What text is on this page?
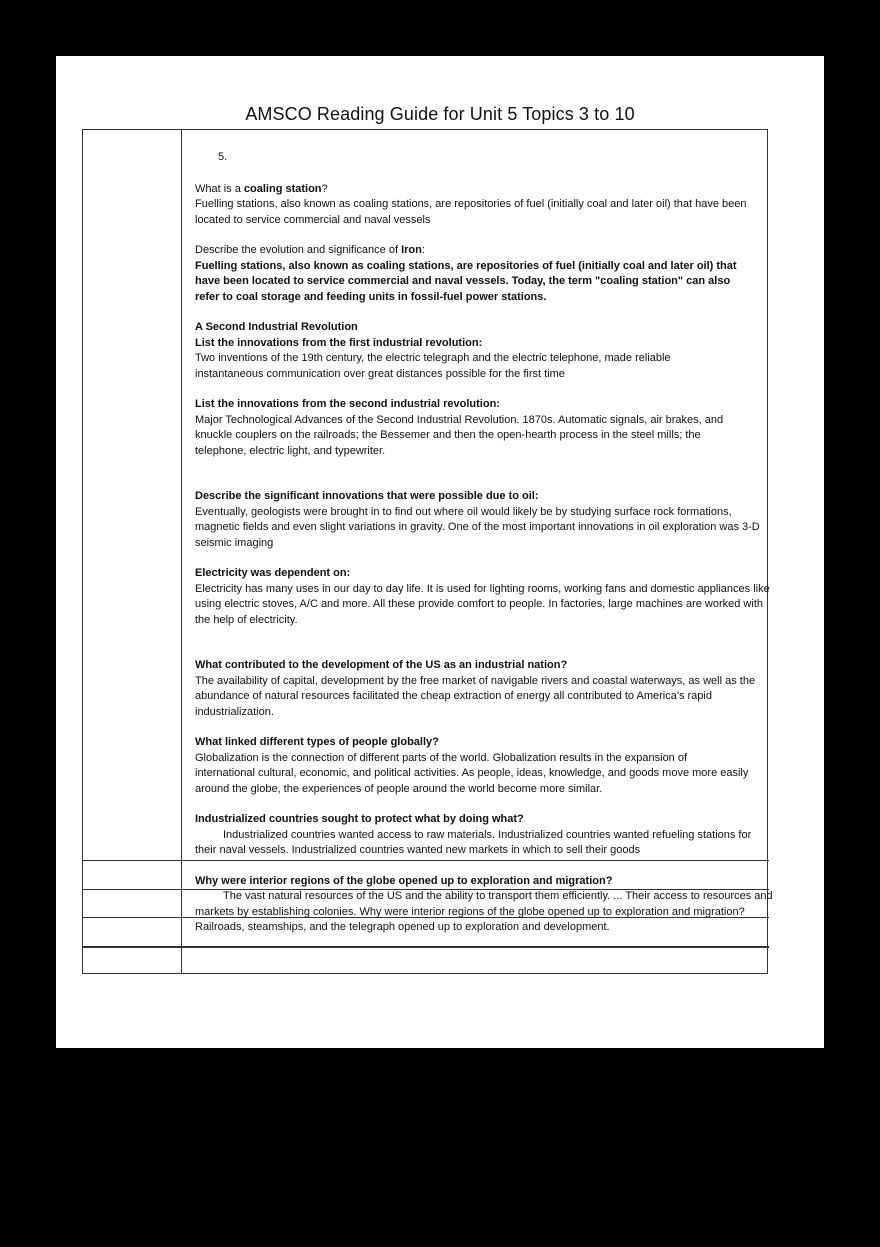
AMSCO Reading Guide for Unit 5 Topics 3 to 10

5.

What is a coaling station?

Fuelling stations, also known as coaling stations, are repositories of fuel (initially coal and later oil) that have been located to service commercial and naval vessels

Describe the evolution and significance of Iron:

Fuelling stations, also known as coaling stations, are repositories of fuel (initially coal and later oil) that have been located to service commercial and naval vessels. Today, the term "coaling station" can also refer to coal storage and feeding units in fossil-fuel power stations.

A Second Industrial Revolution

List the innovations from the first industrial revolution:

Two inventions of the 19th century, the electric telegraph and the electric telephone, made reliable instantaneous communication over great distances possible for the first time

List the innovations from the second industrial revolution:

Major Technological Advances of the Second Industrial Revolution. 1870s. Automatic signals, air brakes, and knuckle couplers on the railroads; the Bessemer and then the open-hearth process in the steel mills; the telephone, electric light, and typewriter.

Describe the significant innovations that were possible due to oil:

Eventually, geologists were brought in to find out where oil would likely be by studying surface rock formations, magnetic fields and even slight variations in gravity. One of the most important innovations in oil exploration was 3-D seismic imaging

Electricity was dependent on:

Electricity has many uses in our day to day life. It is used for lighting rooms, working fans and domestic appliances like using electric stoves, A/C and more. All these provide comfort to people. In factories, large machines are worked with the help of electricity.

What contributed to the development of the US as an industrial nation?

The availability of capital, development by the free market of navigable rivers and coastal waterways, as well as the abundance of natural resources facilitated the cheap extraction of energy all contributed to America's rapid industrialization.

What linked different types of people globally?

Globalization is the connection of different parts of the world. Globalization results in the expansion of international cultural, economic, and political activities. As people, ideas, knowledge, and goods move more easily around the globe, the experiences of people around the world become more similar.

Industrialized countries sought to protect what by doing what?

Industrialized countries wanted access to raw materials. Industrialized countries wanted refueling stations for their naval vessels. Industrialized countries wanted new markets in which to sell their goods

Why were interior regions of the globe opened up to exploration and migration?

The vast natural resources of the US and the ability to transport them efficiently. ... Their access to resources and markets by establishing colonies. Why were interior regions of the globe opened up to exploration and migration? Railroads, steamships, and the telegraph opened up to exploration and development.
